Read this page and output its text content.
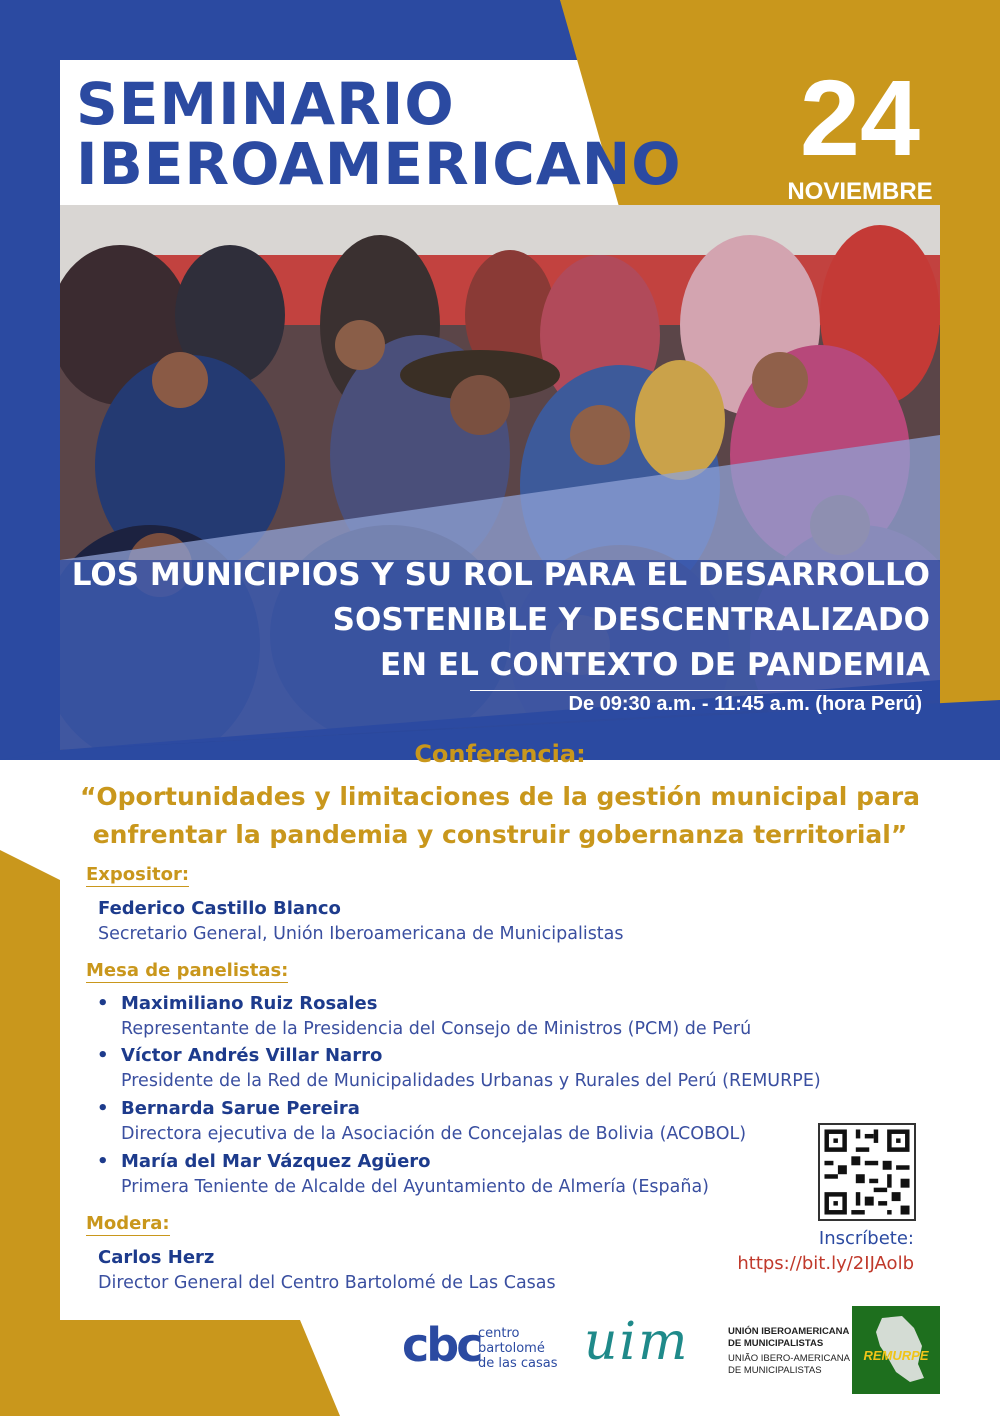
SEMINARIO
IBEROAMERICANO	24
NOVIEMBRE
LOS MUNICIPIOS Y SU ROL PARA EL DESARROLLO
SOSTENIBLE Y DESCENTRALIZADO
EN EL CONTEXTO DE PANDEMIA
De 09:30 a.m. - 11:45 a.m. (hora Perú)
Conferencia:
“Oportunidades y limitaciones de la gestión municipal para
enfrentar la pandemia y construir gobernanza territorial”
Expositor:
Federico Castillo Blanco
Secretario General, Unión Iberoamericana de Municipalistas
Mesa de panelistas:
• Maximiliano Ruiz Rosales
Representante de la Presidencia del Consejo de Ministros (PCM) de Perú
• Víctor Andrés Villar Narro
Presidente de la Red de Municipalidades Urbanas y Rurales del Perú (REMURPE)
• Bernarda Sarue Pereira
Directora ejecutiva de la Asociación de Concejalas de Bolivia (ACOBOL)
• María del Mar Vázquez Agüero
Primera Teniente de Alcalde del Ayuntamiento de Almería (España)
Modera:
Carlos Herz
Director General del Centro Bartolomé de Las Casas
Inscríbete:
https://bit.ly/2IJAolb
cbc
centro
bartolomé
de las casas uim	UNIÓN IBEROAMERICANA
DE MUNICIPALISTAS
UNIÃO IBERO-AMERICANA
DE MUNICIPALISTAS
REMURPE
